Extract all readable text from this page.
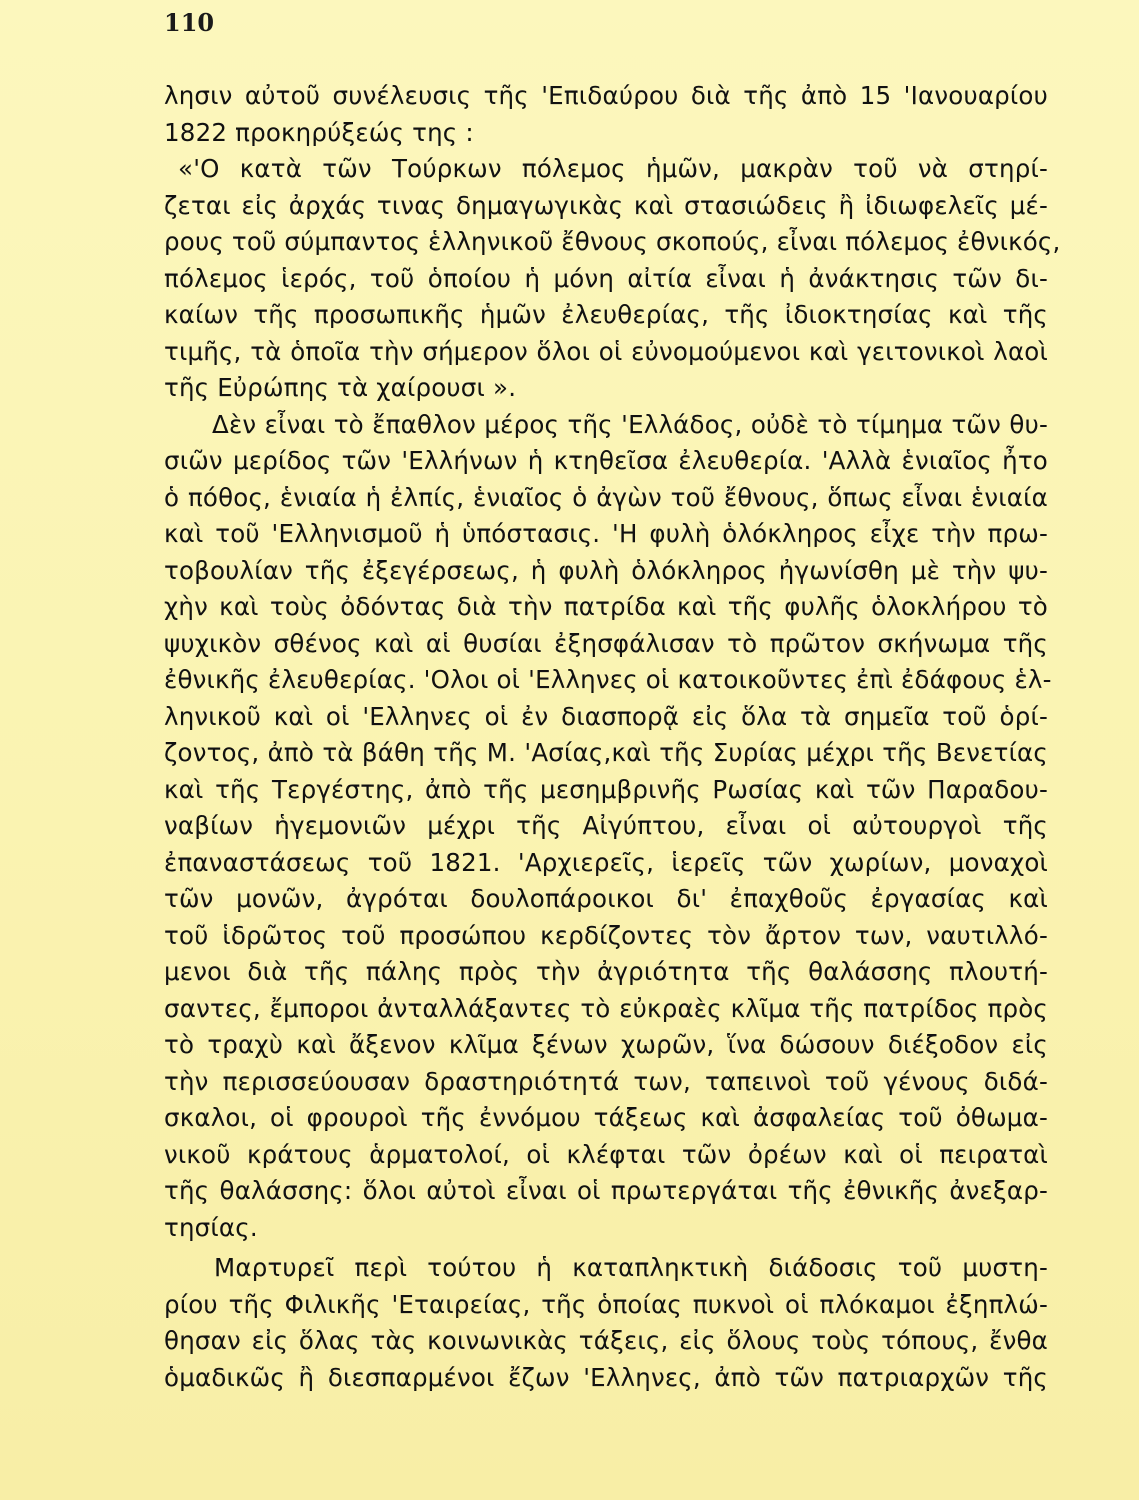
110
λησιν αὐτοῦ συνέλευσις τῆς 'Επιδαύρου διὰ τῆς ἀπὸ 15 'Ιανουαρίου
1822 προκηρύξεώς της :
«'Ο κατὰ τῶν Τούρκων πόλεμος ἡμῶν, μακρὰν τοῦ νὰ στηρί-
ζεται εἰς ἀρχάς τινας δημαγωγικὰς καὶ στασιώδεις ἢ ἰδιωφελεῖς μέ-
ρους τοῦ σύμπαντος ἑλληνικοῦ ἔθνους σκοπούς, εἶναι πόλεμος ἐθνικός,
πόλεμος ἱερός, τοῦ ὁποίου ἡ μόνη αἰτία εἶναι ἡ ἀνάκτησις τῶν δι-
καίων τῆς προσωπικῆς ἡμῶν ἐλευθερίας, τῆς ἰδιοκτησίας καὶ τῆς
τιμῆς, τὰ ὁποῖα τὴν σήμερον ὅλοι οἱ εὐνομούμενοι καὶ γειτονικοὶ λαοὶ
τῆς Εὐρώπης τὰ χαίρουσι ».
Δὲν εἶναι τὸ ἔπαθλον μέρος τῆς 'Ελλάδος, οὐδὲ τὸ τίμημα τῶν θυ-
σιῶν μερίδος τῶν 'Ελλήνων ἡ κτηθεῖσα ἐλευθερία. 'Αλλὰ ἑνιαῖος ἦτο
ὁ πόθος, ἑνιαία ἡ ἐλπίς, ἑνιαῖος ὁ ἀγὼν τοῦ ἔθνους, ὅπως εἶναι ἑνιαία
καὶ τοῦ 'Ελληνισμοῦ ἡ ὑπόστασις. 'Η φυλὴ ὁλόκληρος εἶχε τὴν πρω-
τοβουλίαν τῆς ἐξεγέρσεως, ἡ φυλὴ ὁλόκληρος ἠγωνίσθη μὲ τὴν ψυ-
χὴν καὶ τοὺς ὀδόντας διὰ τὴν πατρίδα καὶ τῆς φυλῆς ὁλοκλήρου τὸ
ψυχικὸν σθένος καὶ αἱ θυσίαι ἐξησφάλισαν τὸ πρῶτον σκήνωμα τῆς
ἐθνικῆς ἐλευθερίας. 'Ολοι οἱ 'Ελληνες οἱ κατοικοῦντες ἐπὶ ἐδάφους ἑλ-
ληνικοῦ καὶ οἱ 'Ελληνες οἱ ἐν διασπορᾷ εἰς ὅλα τὰ σημεῖα τοῦ ὁρί-
ζοντος, ἀπὸ τὰ βάθη τῆς Μ. 'Ασίας,καὶ τῆς Συρίας μέχρι τῆς Βενετίας
καὶ τῆς Τεργέστης, ἀπὸ τῆς μεσημβρινῆς Ρωσίας καὶ τῶν Παραδου-
ναβίων ἡγεμονιῶν μέχρι τῆς Αἰγύπτου, εἶναι οἱ αὐτουργοὶ τῆς
ἐπαναστάσεως τοῦ 1821. 'Αρχιερεῖς, ἱερεῖς τῶν χωρίων, μοναχοὶ
τῶν μονῶν, ἀγρόται δουλοπάροικοι δι' ἐπαχθοῦς ἐργασίας καὶ
τοῦ ἱδρῶτος τοῦ προσώπου κερδίζοντες τὸν ἄρτον των, ναυτιλλό-
μενοι διὰ τῆς πάλης πρὸς τὴν ἀγριότητα τῆς θαλάσσης πλουτή-
σαντες, ἔμποροι ἀνταλλάξαντες τὸ εὐκραὲς κλῖμα τῆς πατρίδος πρὸς
τὸ τραχὺ καὶ ἄξενον κλῖμα ξένων χωρῶν, ἵνα δώσουν διέξοδον εἰς
τὴν περισσεύουσαν δραστηριότητά των, ταπεινοὶ τοῦ γένους διδά-
σκαλοι, οἱ φρουροὶ τῆς ἐννόμου τάξεως καὶ ἀσφαλείας τοῦ ὀθωμα-
νικοῦ κράτους ἁρματολοί, οἱ κλέφται τῶν ὀρέων καὶ οἱ πειραταὶ
τῆς θαλάσσης: ὅλοι αὐτοὶ εἶναι οἱ πρωτεργάται τῆς ἐθνικῆς ἀνεξαρ-
τησίας.
Μαρτυρεῖ περὶ τούτου ἡ καταπληκτικὴ διάδοσις τοῦ μυστη-
ρίου τῆς Φιλικῆς 'Εταιρείας, τῆς ὁποίας πυκνοὶ οἱ πλόκαμοι ἐξηπλώ-
θησαν εἰς ὅλας τὰς κοινωνικὰς τάξεις, εἰς ὅλους τοὺς τόπους, ἔνθα
ὁμαδικῶς ἢ διεσπαρμένοι ἔζων 'Ελληνες, ἀπὸ τῶν πατριαρχῶν τῆς
